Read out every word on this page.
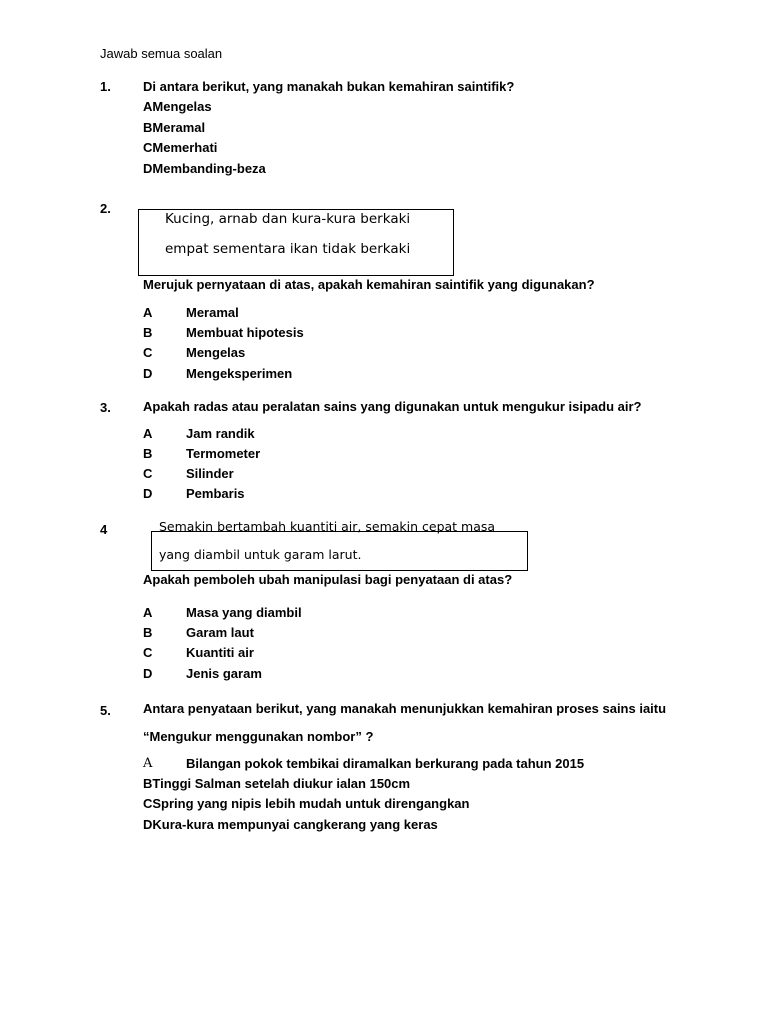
Jawab semua soalan
1. Di antara berikut, yang manakah bukan kemahiran saintifik?
AMengelas
BMeramal
CMemerhati
DMembanding-beza
2.
Kucing, arnab dan kura-kura berkaki
empat sementara ikan tidak berkaki
Merujuk pernyataan di atas, apakah kemahiran saintifik yang digunakan?
A	Meramal
B	Membuat hipotesis
C	Mengelas
D	Mengeksperimen
3. Apakah radas atau peralatan sains yang digunakan untuk mengukur isipadu air?
A	Jam randik
B	Termometer
C	Silinder
D	Pembaris
4	Semakin bertambah kuantiti air, semakin cepat masa
yang diambil untuk garam larut.
Apakah pemboleh ubah manipulasi bagi penyataan di atas?
A	Masa yang diambil
B	Garam laut
C	Kuantiti air
D	Jenis garam
5. Antara penyataan berikut, yang manakah menunjukkan kemahiran proses sains iaitu
“Mengukur menggunakan nombor” ?
A	Bilangan pokok tembikai diramalkan berkurang pada tahun 2015
BTinggi Salman setelah diukur ialan 150cm
CSpring yang nipis lebih mudah untuk direngangkan
DKura-kura mempunyai cangkerang yang keras
